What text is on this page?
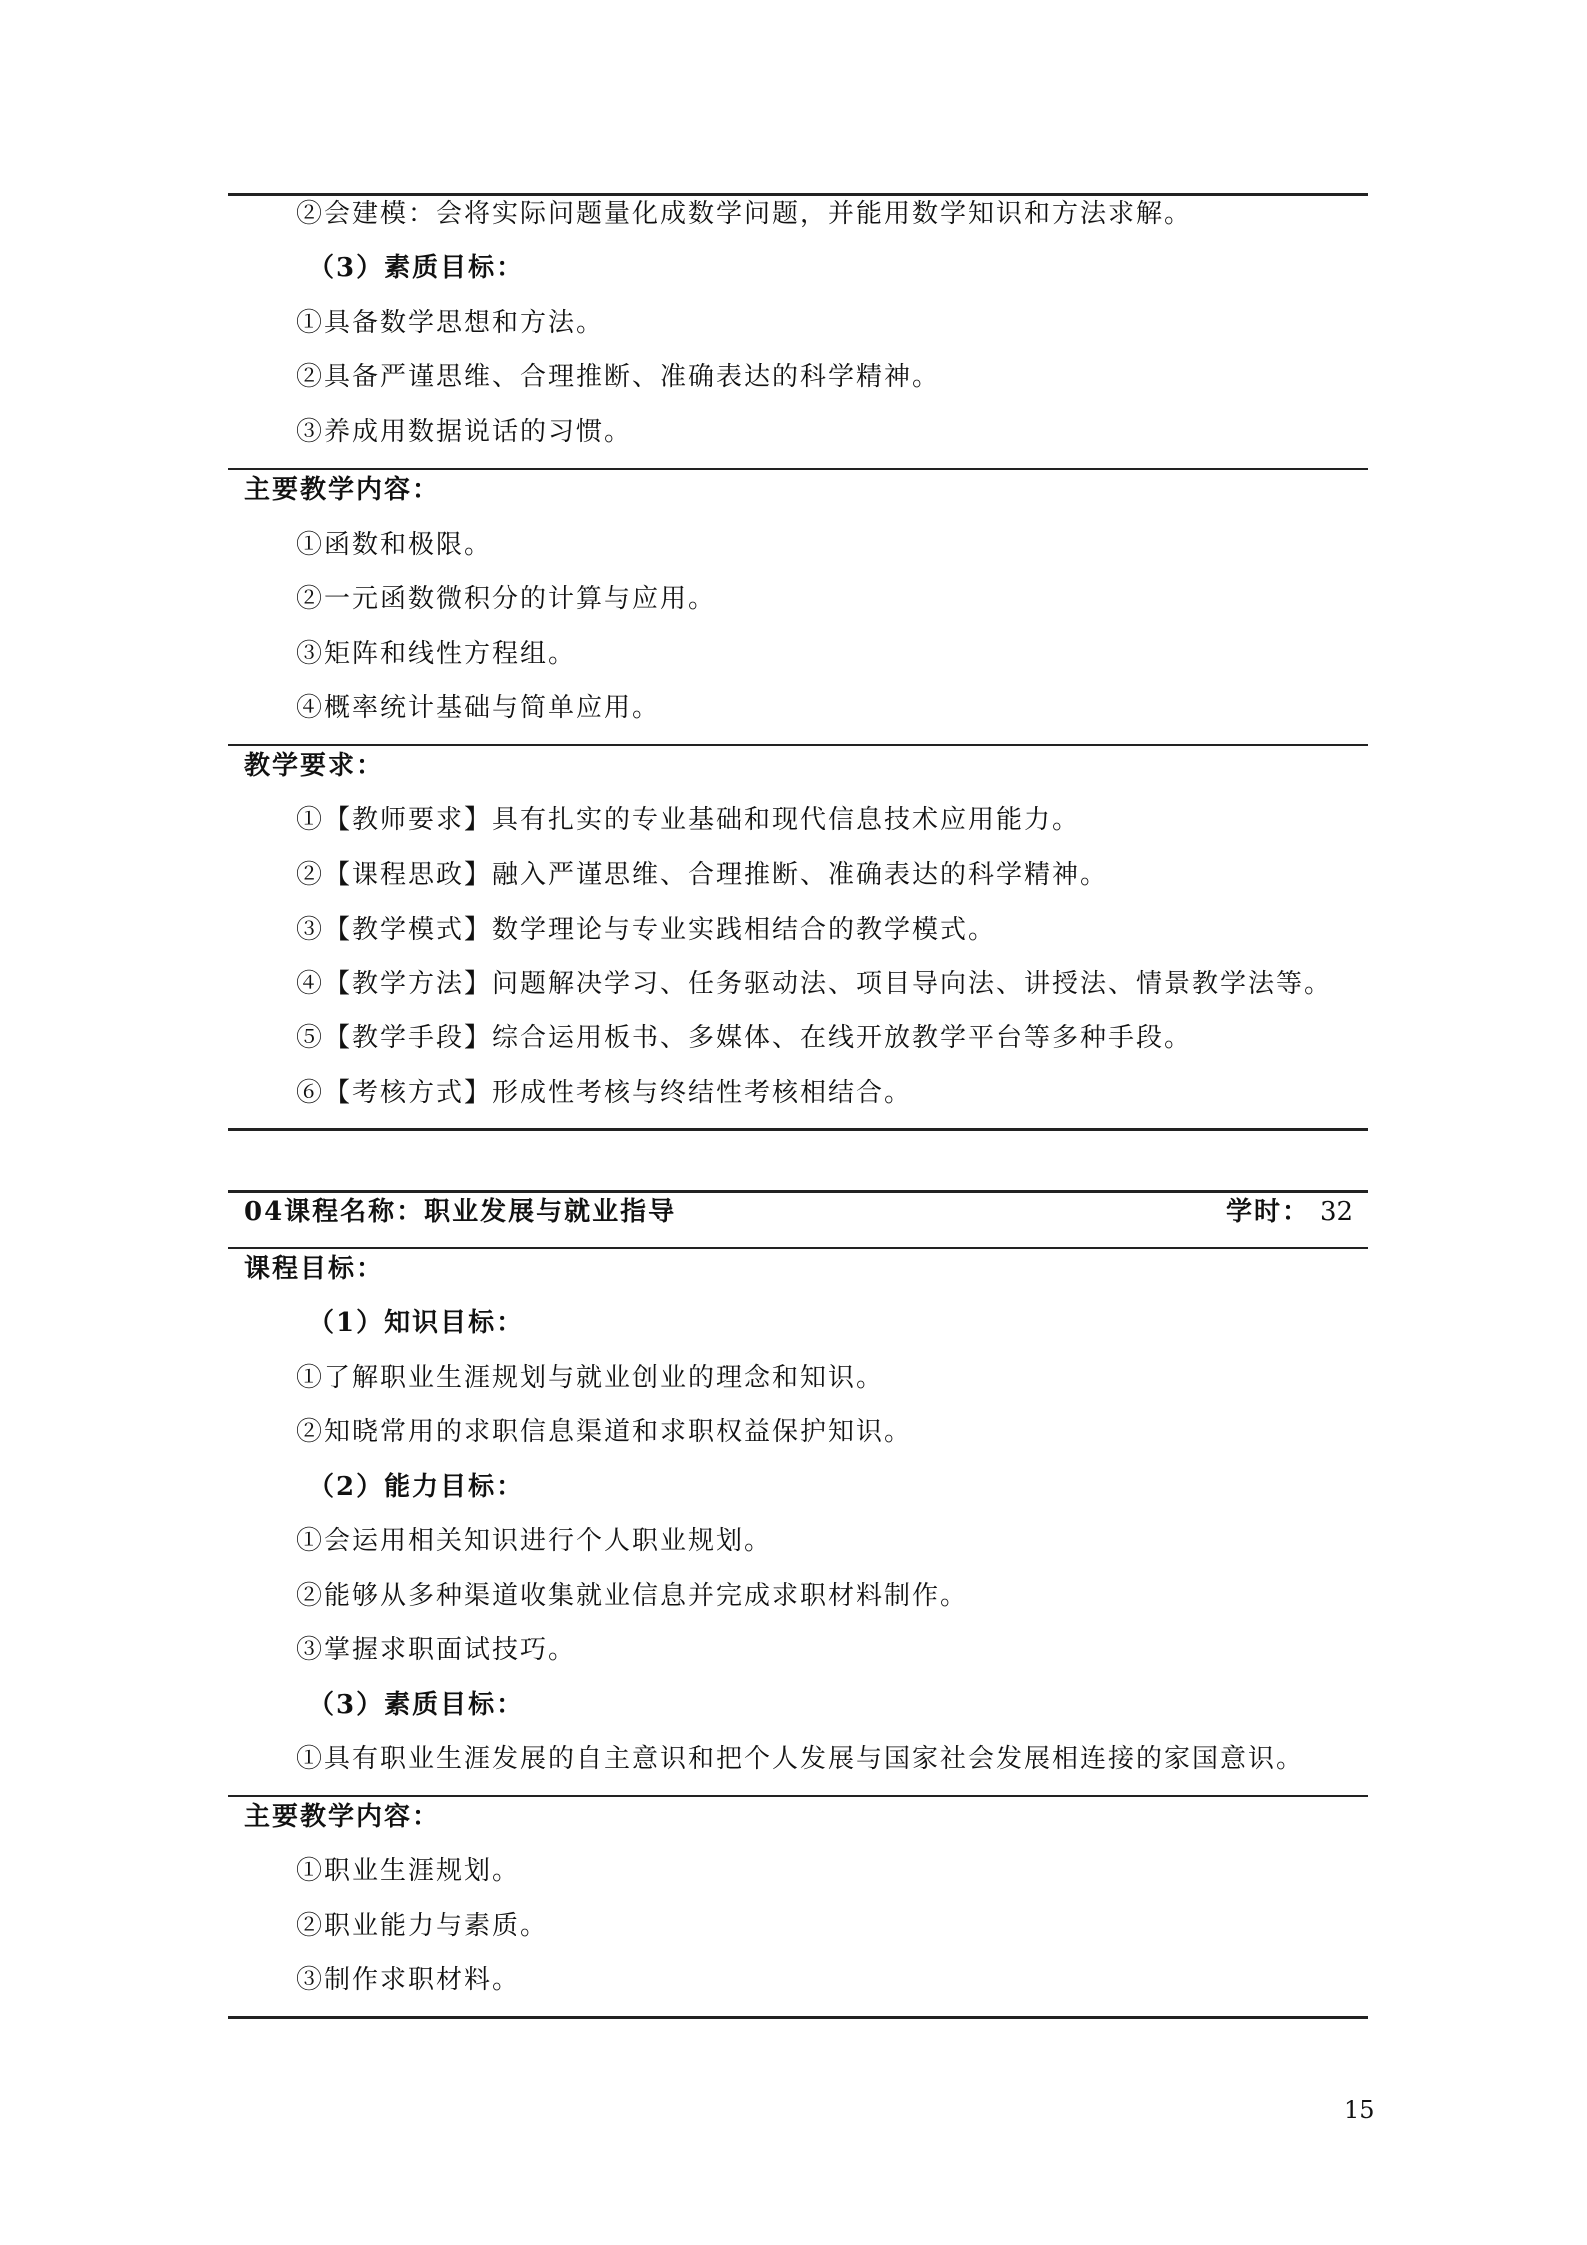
②会建模：会将实际问题量化成数学问题，并能用数学知识和方法求解。
（3）素质目标：
①具备数学思想和方法。
②具备严谨思维、合理推断、准确表达的科学精神。
③养成用数据说话的习惯。
主要教学内容：
①函数和极限。
②一元函数微积分的计算与应用。
③矩阵和线性方程组。
④概率统计基础与简单应用。
教学要求：
①【教师要求】具有扎实的专业基础和现代信息技术应用能力。
②【课程思政】融入严谨思维、合理推断、准确表达的科学精神。
③【教学模式】数学理论与专业实践相结合的教学模式。
④【教学方法】问题解决学习、任务驱动法、项目导向法、讲授法、情景教学法等。
⑤【教学手段】综合运用板书、多媒体、在线开放教学平台等多种手段。
⑥【考核方式】形成性考核与终结性考核相结合。
04课程名称：职业发展与就业指导	学时： 32
课程目标：
（1）知识目标：
①了解职业生涯规划与就业创业的理念和知识。
②知晓常用的求职信息渠道和求职权益保护知识。
（2）能力目标：
①会运用相关知识进行个人职业规划。
②能够从多种渠道收集就业信息并完成求职材料制作。
③掌握求职面试技巧。
（3）素质目标：
①具有职业生涯发展的自主意识和把个人发展与国家社会发展相连接的家国意识。
主要教学内容：
①职业生涯规划。
②职业能力与素质。
③制作求职材料。
15
